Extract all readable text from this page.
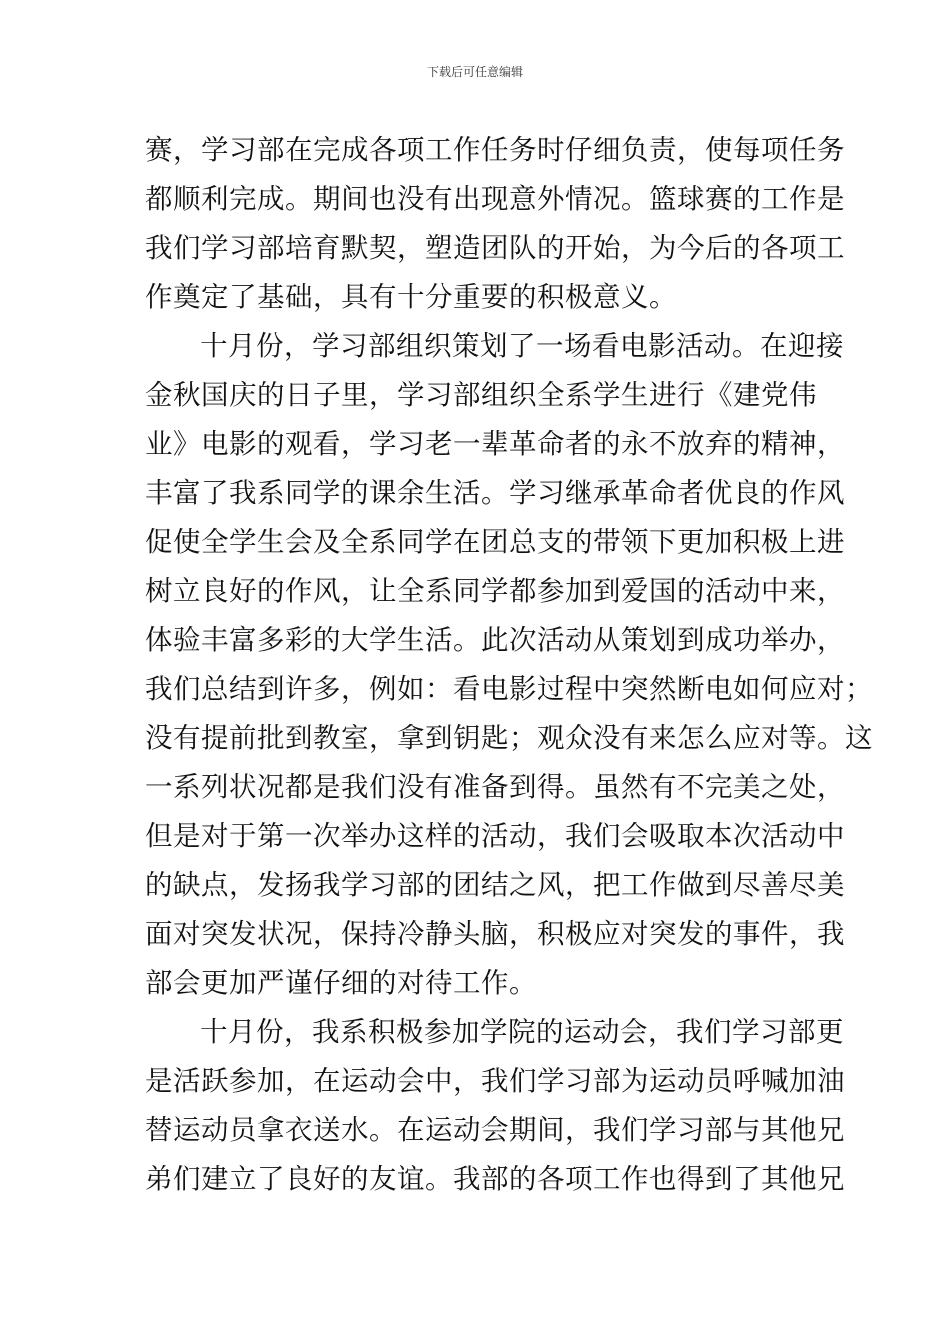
下载后可任意编辑
赛，学习部在完成各项工作任务时仔细负责，使每项任务
都顺利完成。期间也没有出现意外情况。篮球赛的工作是
我们学习部培育默契，塑造团队的开始，为今后的各项工
作奠定了基础，具有十分重要的积极意义。
十月份，学习部组织策划了一场看电影活动。在迎接
金秋国庆的日子里，学习部组织全系学生进行《建党伟
业》电影的观看，学习老一辈革命者的永不放弃的精神，
丰富了我系同学的课余生活。学习继承革命者优良的作风
促使全学生会及全系同学在团总支的带领下更加积极上进
树立良好的作风，让全系同学都参加到爱国的活动中来，
体验丰富多彩的大学生活。此次活动从策划到成功举办，
我们总结到许多，例如：看电影过程中突然断电如何应对；
没有提前批到教室，拿到钥匙；观众没有来怎么应对等。这
一系列状况都是我们没有准备到得。虽然有不完美之处，
但是对于第一次举办这样的活动，我们会吸取本次活动中
的缺点，发扬我学习部的团结之风，把工作做到尽善尽美
面对突发状况，保持冷静头脑，积极应对突发的事件，我
部会更加严谨仔细的对待工作。
十月份，我系积极参加学院的运动会，我们学习部更
是活跃参加，在运动会中，我们学习部为运动员呼喊加油
替运动员拿衣送水。在运动会期间，我们学习部与其他兄
弟们建立了良好的友谊。我部的各项工作也得到了其他兄
